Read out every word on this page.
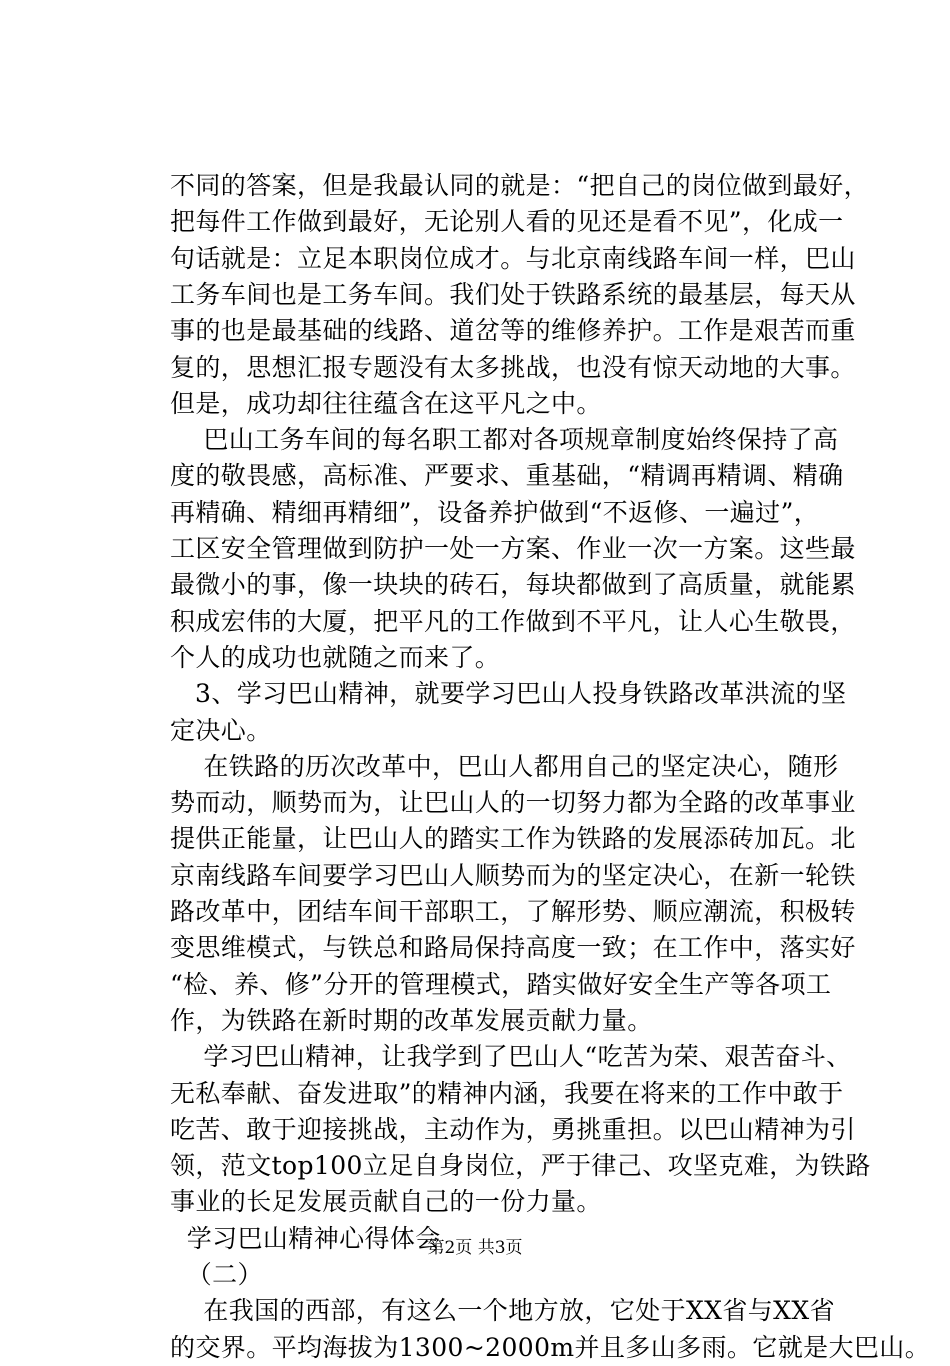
不同的答案，但是我最认同的就是：“把自己的岗位做到最好，
把每件工作做到最好，无论别人看的见还是看不见”，化成一
句话就是：立足本职岗位成才。与北京南线路车间一样，巴山
工务车间也是工务车间。我们处于铁路系统的最基层，每天从
事的也是最基础的线路、道岔等的维修养护。工作是艰苦而重
复的，思想汇报专题没有太多挑战，也没有惊天动地的大事。
但是，成功却往往蕴含在这平凡之中。
巴山工务车间的每名职工都对各项规章制度始终保持了高
度的敬畏感，高标准、严要求、重基础，“精调再精调、精确
再精确、精细再精细”，设备养护做到“不返修、一遍过”，
工区安全管理做到防护一处一方案、作业一次一方案。这些最
最微小的事，像一块块的砖石，每块都做到了高质量，就能累
积成宏伟的大厦，把平凡的工作做到不平凡，让人心生敬畏，
个人的成功也就随之而来了。
3、学习巴山精神，就要学习巴山人投身铁路改革洪流的坚
定决心。
在铁路的历次改革中，巴山人都用自己的坚定决心，随形
势而动，顺势而为，让巴山人的一切努力都为全路的改革事业
提供正能量，让巴山人的踏实工作为铁路的发展添砖加瓦。北
京南线路车间要学习巴山人顺势而为的坚定决心，在新一轮铁
路改革中，团结车间干部职工，了解形势、顺应潮流，积极转
变思维模式，与铁总和路局保持高度一致；在工作中，落实好
“检、养、修”分开的管理模式，踏实做好安全生产等各项工
作，为铁路在新时期的改革发展贡献力量。
学习巴山精神，让我学到了巴山人“吃苦为荣、艰苦奋斗、
无私奉献、奋发进取”的精神内涵，我要在将来的工作中敢于
吃苦、敢于迎接挑战，主动作为，勇挑重担。以巴山精神为引
领，范文top100立足自身岗位，严于律己、攻坚克难，为铁路
事业的长足发展贡献自己的一份力量。
学习巴山精神心得体会
（二）
在我国的西部，有这么一个地方放，它处于XX省与XX省
的交界。平均海拔为1300~2000m并且多山多雨。它就是大巴山。
第2页 共3页
